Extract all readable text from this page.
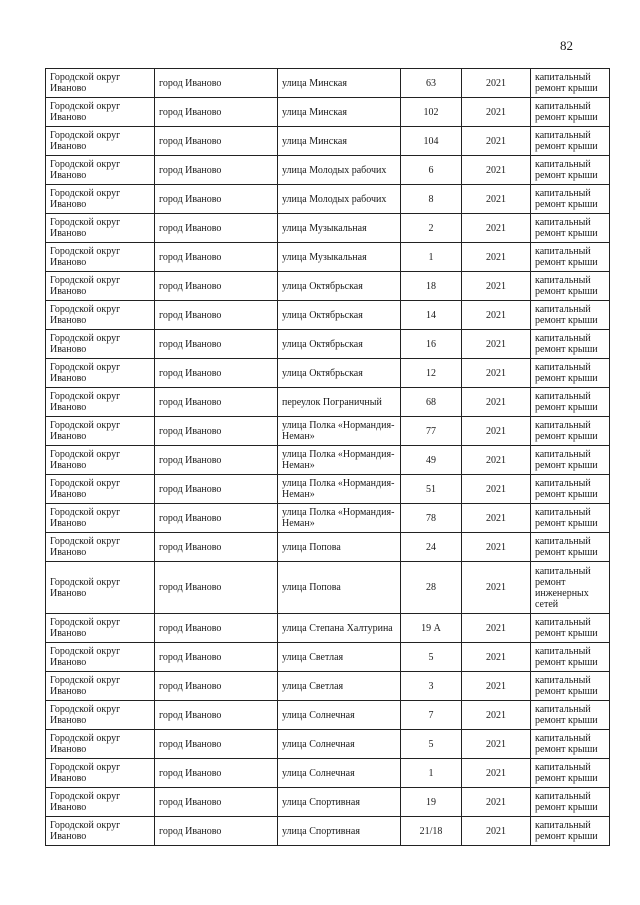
82
Городской округ Иваново	город Иваново	улица Минская	63	2021	капитальный ремонт крыши
Городской округ Иваново	город Иваново	улица Минская	102	2021	капитальный ремонт крыши
Городской округ Иваново	город Иваново	улица Минская	104	2021	капитальный ремонт крыши
Городской округ Иваново	город Иваново	улица Молодых рабочих	6	2021	капитальный ремонт крыши
Городской округ Иваново	город Иваново	улица Молодых рабочих	8	2021	капитальный ремонт крыши
Городской округ Иваново	город Иваново	улица Музыкальная	2	2021	капитальный ремонт крыши
Городской округ Иваново	город Иваново	улица Музыкальная	1	2021	капитальный ремонт крыши
Городской округ Иваново	город Иваново	улица Октябрьская	18	2021	капитальный ремонт крыши
Городской округ Иваново	город Иваново	улица Октябрьская	14	2021	капитальный ремонт крыши
Городской округ Иваново	город Иваново	улица Октябрьская	16	2021	капитальный ремонт крыши
Городской округ Иваново	город Иваново	улица Октябрьская	12	2021	капитальный ремонт крыши
Городской округ Иваново	город Иваново	переулок Пограничный	68	2021	капитальный ремонт крыши
Городской округ Иваново	город Иваново	улица Полка «Нормандия-Неман»	77	2021	капитальный ремонт крыши
Городской округ Иваново	город Иваново	улица Полка «Нормандия-Неман»	49	2021	капитальный ремонт крыши
Городской округ Иваново	город Иваново	улица Полка «Нормандия-Неман»	51	2021	капитальный ремонт крыши
Городской округ Иваново	город Иваново	улица Полка «Нормандия-Неман»	78	2021	капитальный ремонт крыши
Городской округ Иваново	город Иваново	улица Попова	24	2021	капитальный ремонт крыши
Городской округ Иваново	город Иваново	улица Попова	28	2021	капитальный ремонт инженерных сетей
Городской округ Иваново	город Иваново	улица Степана Халтурина	19 А	2021	капитальный ремонт крыши
Городской округ Иваново	город Иваново	улица Светлая	5	2021	капитальный ремонт крыши
Городской округ Иваново	город Иваново	улица Светлая	3	2021	капитальный ремонт крыши
Городской округ Иваново	город Иваново	улица Солнечная	7	2021	капитальный ремонт крыши
Городской округ Иваново	город Иваново	улица Солнечная	5	2021	капитальный ремонт крыши
Городской округ Иваново	город Иваново	улица Солнечная	1	2021	капитальный ремонт крыши
Городской округ Иваново	город Иваново	улица Спортивная	19	2021	капитальный ремонт крыши
Городской округ Иваново	город Иваново	улица Спортивная	21/18	2021	капитальный ремонт крыши
